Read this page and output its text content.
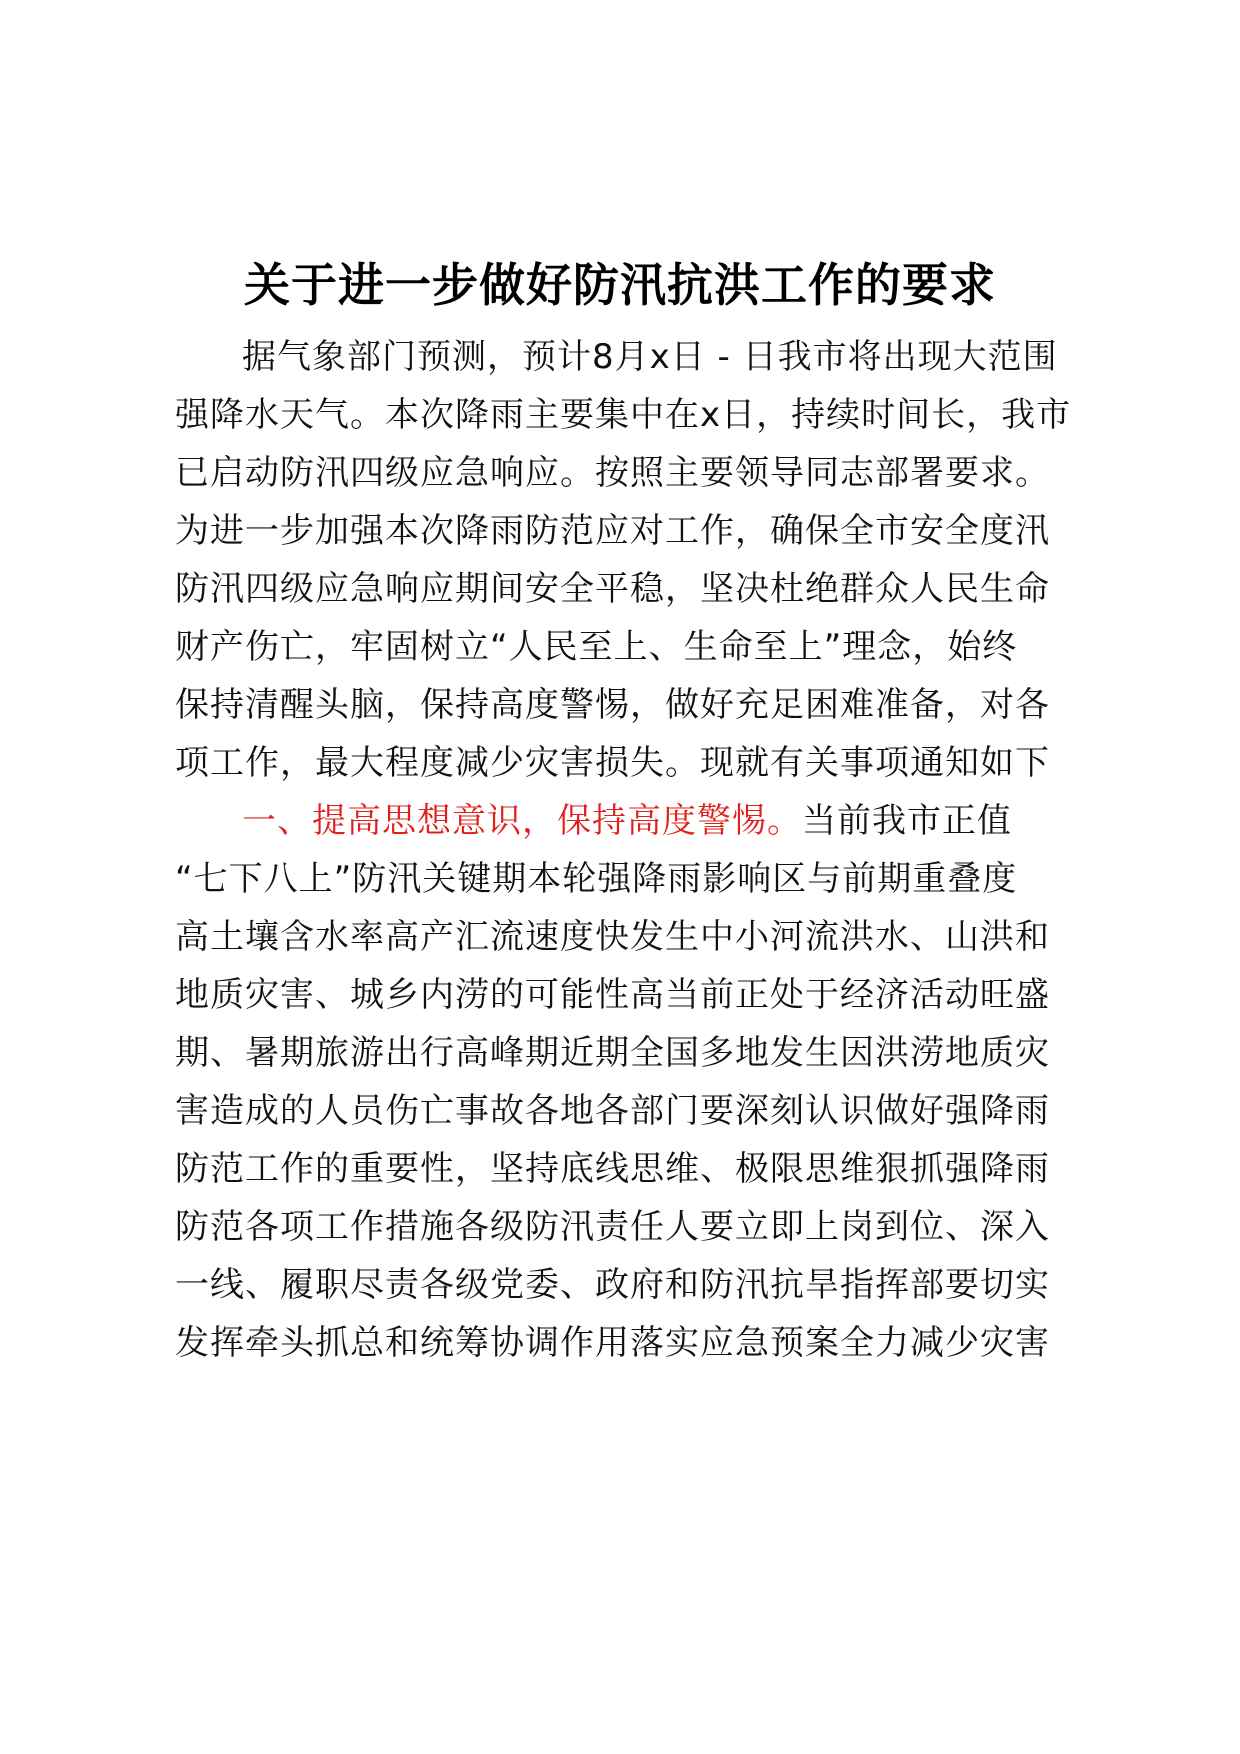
关于进一步做好防汛抗洪工作的要求
据气象部门预测，预计8月x日 - 日我市将出现大范围
强降水天气。本次降雨主要集中在x日，持续时间长，我市
已启动防汛四级应急响应。按照主要领导同志部署要求。
为进一步加强本次降雨防范应对工作，确保全市安全度汛
防汛四级应急响应期间安全平稳，坚决杜绝群众人民生命
财产伤亡，牢固树立“人民至上、生命至上”理念，始终
保持清醒头脑，保持高度警惕，做好充足困难准备，对各
项工作，最大程度减少灾害损失。现就有关事项通知如下
一、提高思想意识，保持高度警惕。当前我市正值
“七下八上”防汛关键期本轮强降雨影响区与前期重叠度
高土壤含水率高产汇流速度快发生中小河流洪水、山洪和
地质灾害、城乡内涝的可能性高当前正处于经济活动旺盛
期、暑期旅游出行高峰期近期全国多地发生因洪涝地质灾
害造成的人员伤亡事故各地各部门要深刻认识做好强降雨
防范工作的重要性，坚持底线思维、极限思维狠抓强降雨
防范各项工作措施各级防汛责任人要立即上岗到位、深入
一线、履职尽责各级党委、政府和防汛抗旱指挥部要切实
发挥牵头抓总和统筹协调作用落实应急预案全力减少灾害
